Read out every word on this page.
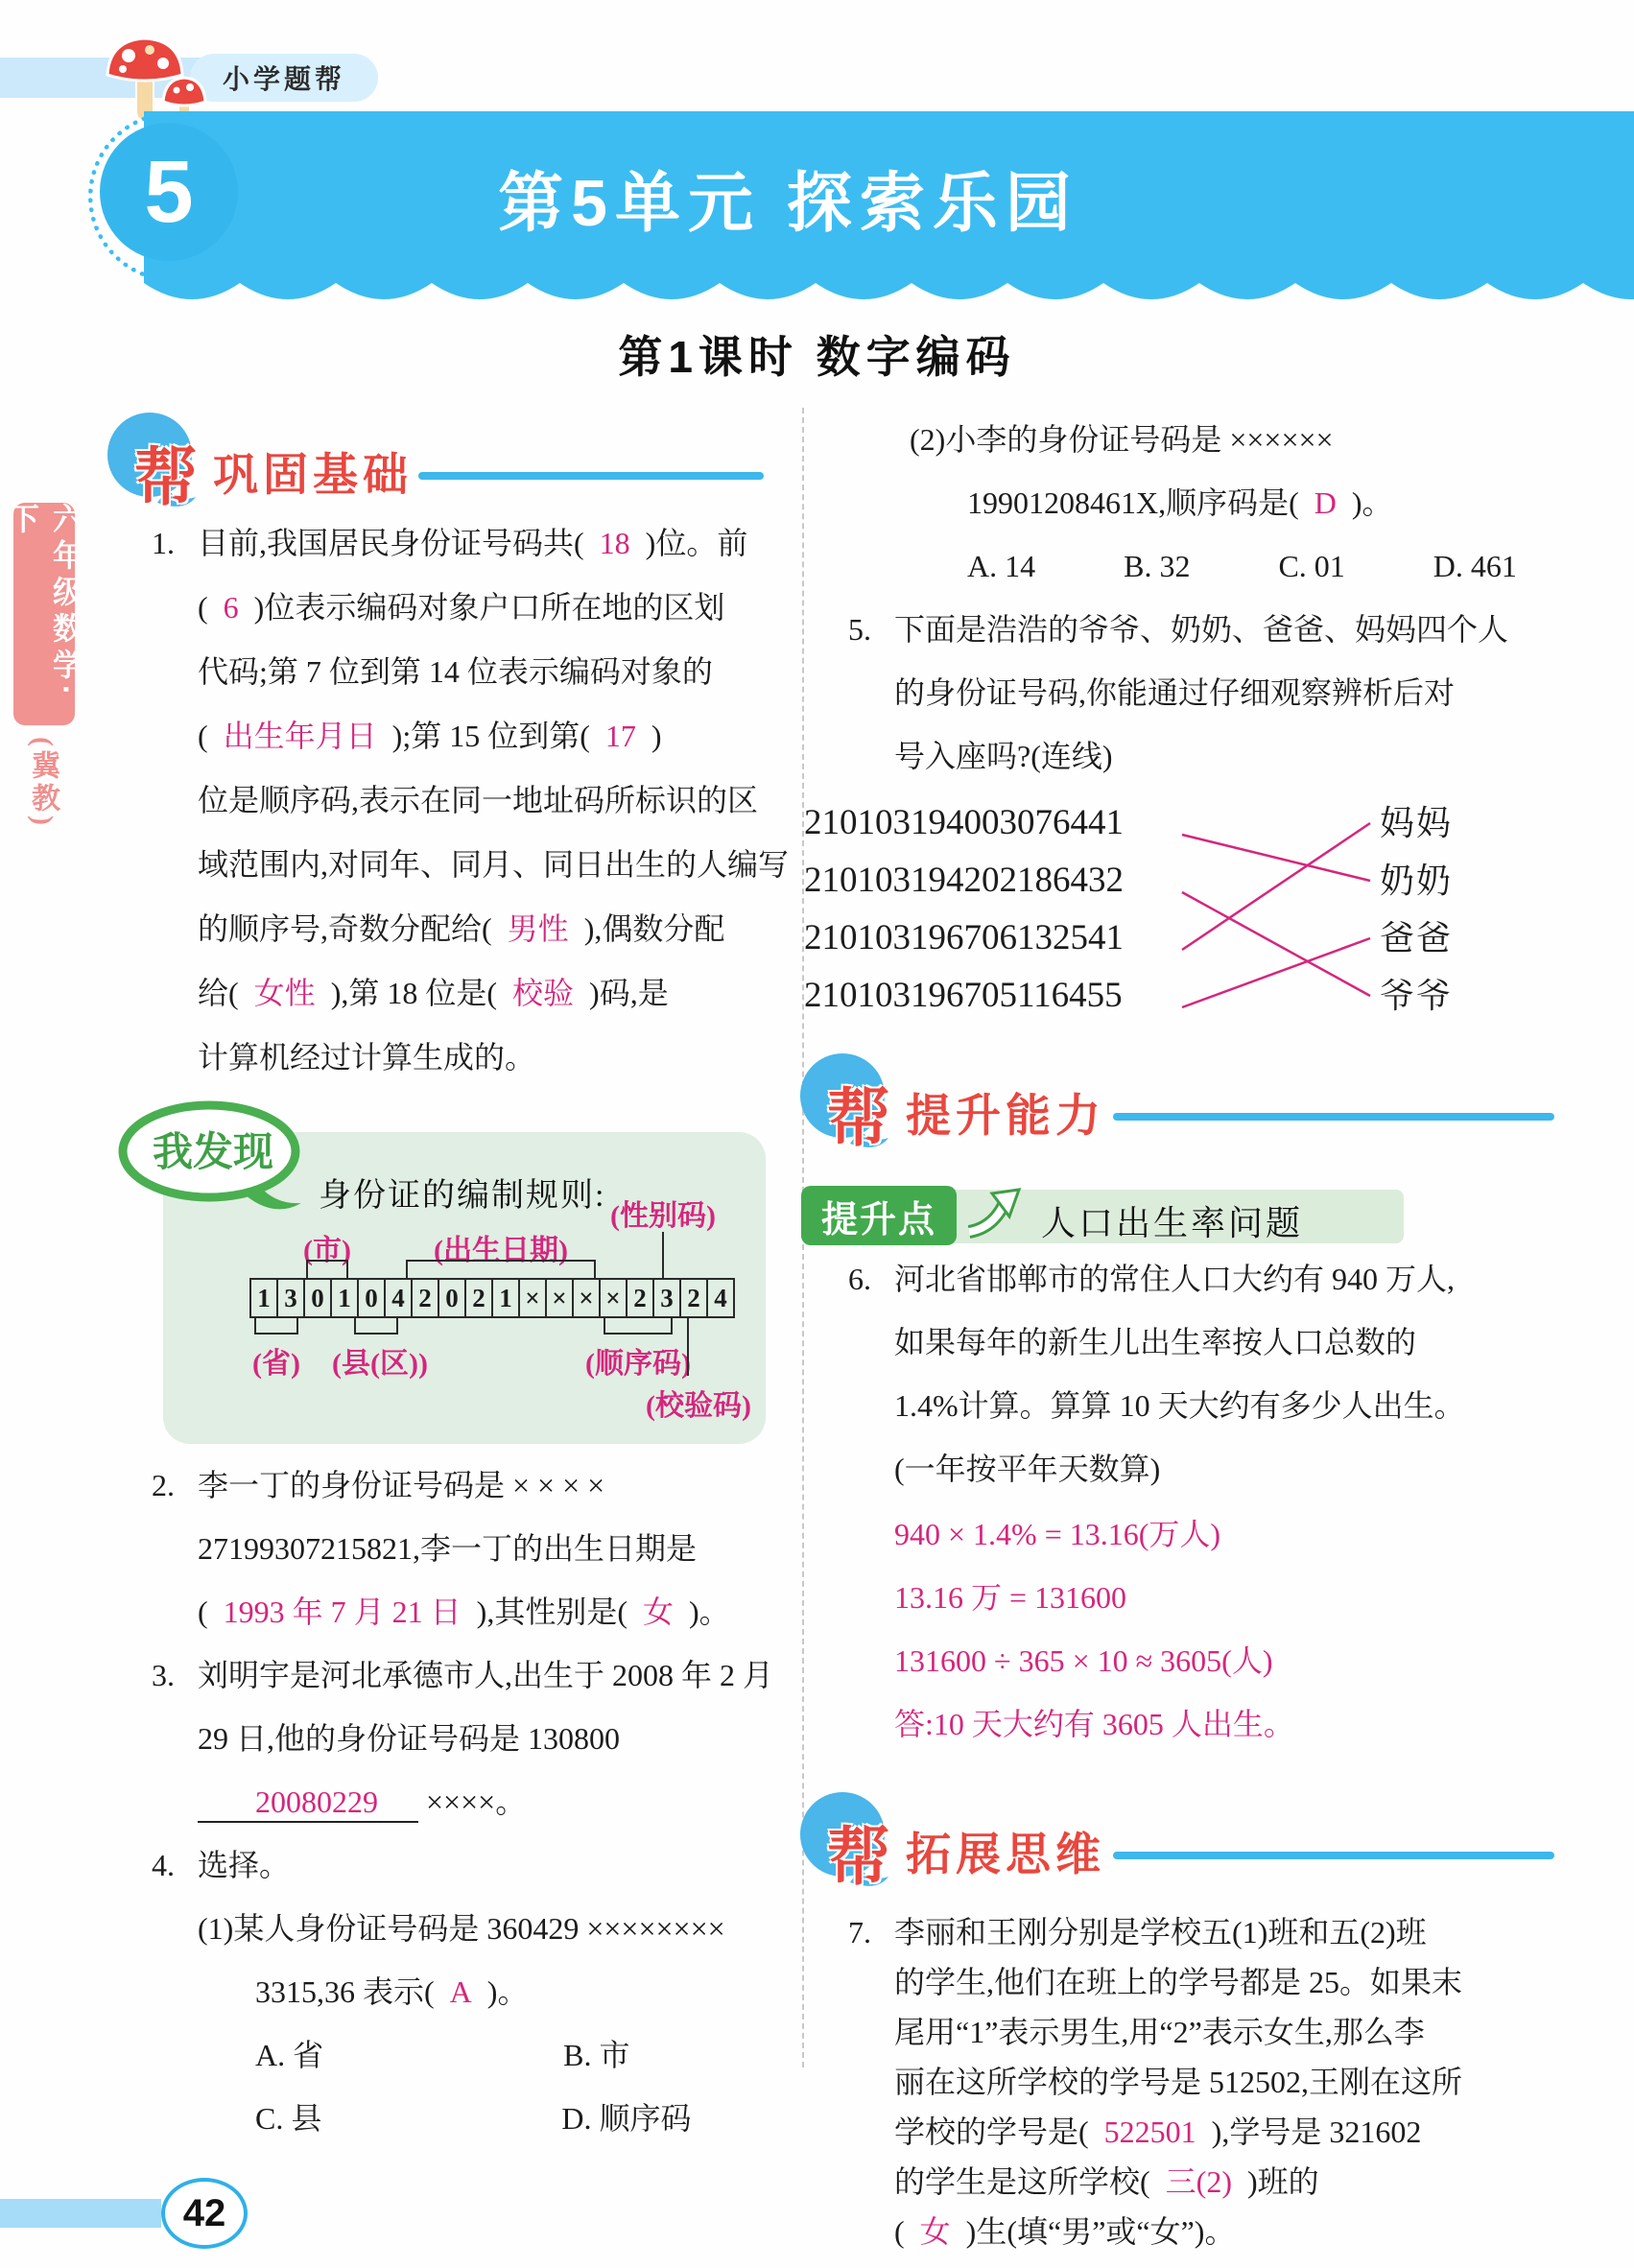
小学题帮
第5单元 探索乐园
5
第1课时 数字编码
六年级数学·下
(冀教)
帮 巩固基础
1. 目前,我国居民身份证号码共( 18 )位。前
( 6 )位表示编码对象户口所在地的区划
代码;第 7 位到第 14 位表示编码对象的
( 出生年月日 );第 15 位到第( 17 )
位是顺序码,表示在同一地址码所标识的区
域范围内,对同年、同月、同日出生的人编写
的顺序号,奇数分配给( 男性 ),偶数分配
给( 女性 ),第 18 位是( 校验 )码,是
计算机经过计算生成的。
我发现
身份证的编制规则:
(性别码)
(市)	(出生日期)
(省) (县(区))	(顺序码)
(校验码)
1 3 0 1 0 4 2 0 2 1 × × × × 2 3 2 4
2. 李一丁的身份证号码是 × × × ×
27199307215821,李一丁的出生日期是
( 1993 年 7 月 21 日 ),其性别是( 女 )。
3. 刘明宇是河北承德市人,出生于 2008 年 2 月
29 日,他的身份证号码是 130800
20080229 ××××。
4. 选择。
(1)某人身份证号码是 360429 ××××××××
3315,36 表示( A )。
A. 省	B. 市
C. 县	D. 顺序码
(2)小李的身份证号码是 ××××××
19901208461X,顺序码是( D )。
A. 14	B. 32	C. 01	D. 461
5. 下面是浩浩的爷爷、奶奶、爸爸、妈妈四个人
的身份证号码,你能通过仔细观察辨析后对
号入座吗?(连线)
210103194003076441
210103194202186432
210103196706132541
210103196705116455
妈妈
奶奶
爸爸
爷爷
帮 提升能力
提升点	人口出生率问题
6. 河北省邯郸市的常住人口大约有 940 万人,
如果每年的新生儿出生率按人口总数的
1.4%计算。算算 10 天大约有多少人出生。
(一年按平年天数算)
940 × 1.4% = 13.16(万人)
13.16 万 = 131600
131600 ÷ 365 × 10 ≈ 3605(人)
答:10 天大约有 3605 人出生。
帮 拓展思维
7. 李丽和王刚分别是学校五(1)班和五(2)班
的学生,他们在班上的学号都是 25。如果末
尾用“1”表示男生,用“2”表示女生,那么李
丽在这所学校的学号是 512502,王刚在这所
学校的学号是( 522501 ),学号是 321602
的学生是这所学校( 三(2) )班的
( 女 )生(填“男”或“女”)。
42
